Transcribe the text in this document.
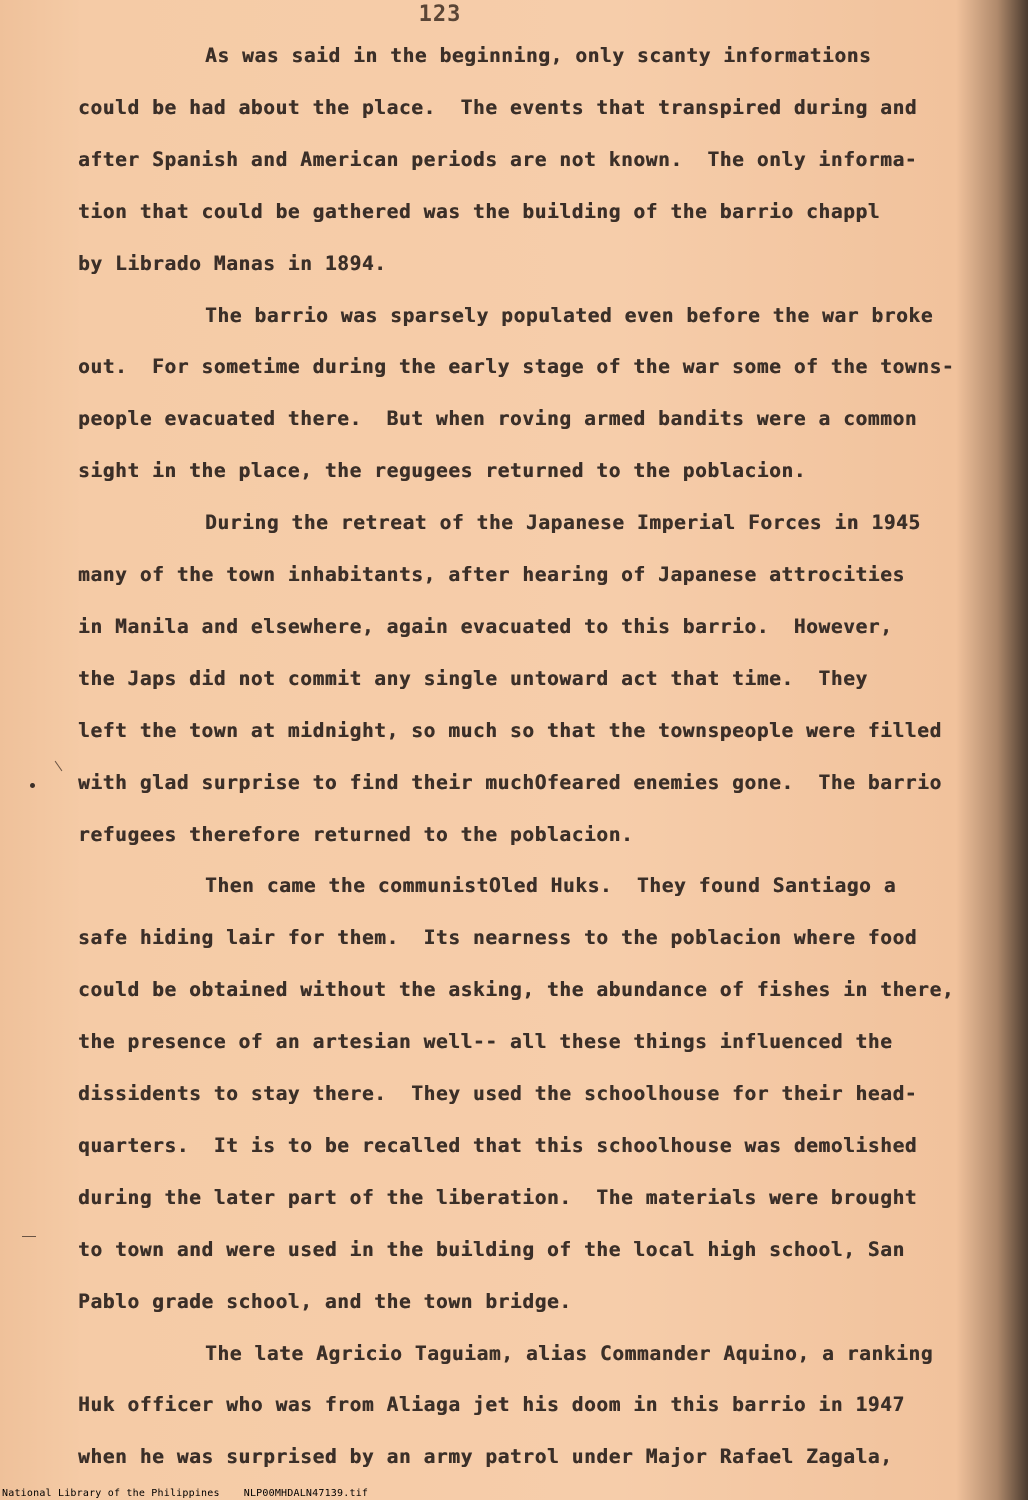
123
As was said in the beginning, only scanty informations
could be had about the place.  The events that transpired during and
after Spanish and American periods are not known.  The only informa-
tion that could be gathered was the building of the barrio chappl
by Librado Manas in 1894.
The barrio was sparsely populated even before the war broke
out.  For sometime during the early stage of the war some of the towns-
people evacuated there.  But when roving armed bandits were a common
sight in the place, the regugees returned to the poblacion.
During the retreat of the Japanese Imperial Forces in 1945
many of the town inhabitants, after hearing of Japanese attrocities
in Manila and elsewhere, again evacuated to this barrio.  However,
the Japs did not commit any single untoward act that time.  They
left the town at midnight, so much so that the townspeople were filled
with glad surprise to find their muchOfeared enemies gone.  The barrio
refugees therefore returned to the poblacion.
Then came the communistOled Huks.  They found Santiago a
safe hiding lair for them.  Its nearness to the poblacion where food
could be obtained without the asking, the abundance of fishes in there,
the presence of an artesian well-- all these things influenced the
dissidents to stay there.  They used the schoolhouse for their head-
quarters.  It is to be recalled that this schoolhouse was demolished
during the later part of the liberation.  The materials were brought
to town and were used in the building of the local high school, San
Pablo grade school, and the town bridge.
The late Agricio Taguiam, alias Commander Aquino, a ranking
Huk officer who was from Aliaga jet his doom in this barrio in 1947
when he was surprised by an army patrol under Major Rafael Zagala,
National Library of the Philippines NLP00MHDALN47139.tif
